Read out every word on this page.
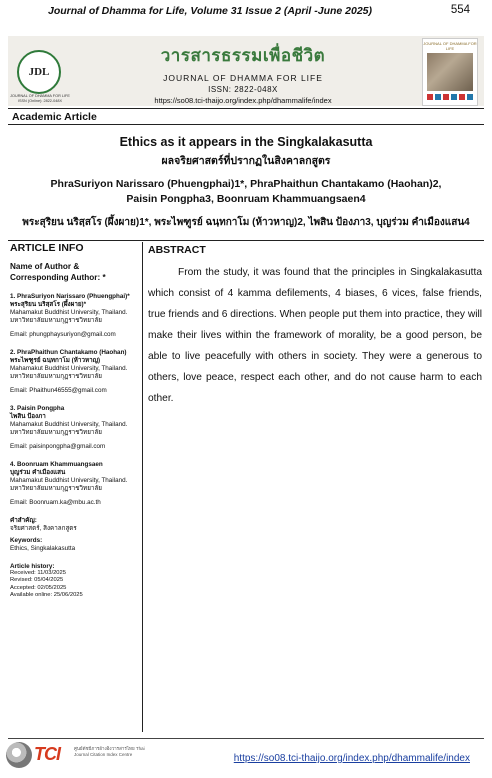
Journal of Dhamma for Life, Volume 31 Issue 2 (April -June 2025)	554
JDL
JOURNAL OF DHAMMA FOR LIFE ISSN (Online): 2822-048X
วารสารธรรมเพื่อชีวิต
JOURNAL OF DHAMMA FOR LIFE
ISSN: 2822-048X
https://so08.tci-thaijo.org/index.php/dhammalife/index
JOURNAL OF DHAMMA FOR LIFE
Academic Article
Ethics as it appears in the Singkalakasutta
ผลจริยศาสตร์ที่ปรากฏในสิงคาลกสูตร
PhraSuriyon Narissaro (Phuengphai)1*, PhraPhaithun Chantakamo (Haohan)2, Paisin Pongpha3, Boonruam Khammuangsaen4
พระสุริยน นริสฺสโร (ผึ้งผาย)1*, พระไพฑูรย์ ฉนฺทกาโม (ห้าวหาญ)2, ไพสิน ป้องภา3, บุญร่วม คำเมืองแสน4
ARTICLE INFO
Name of Author & Corresponding Author: *
1. PhraSuriyon Narissaro (Phuengphai)*
พระสุริยน นริสฺสโร (ผึ้งผาย)*
Mahamakut Buddhist University, Thailand.
มหาวิทยาลัยมหามกุฏราชวิทยาลัย
Email: phungphaysuriyon@gmail.com
2. PhraPhaithun Chantakamo (Haohan)
พระไพฑูรย์ ฉนฺทกาโม (ห้าวหาญ)
Mahamakut Buddhist University, Thailand.
มหาวิทยาลัยมหามกุฏราชวิทยาลัย
Email: Phaithun46555@gmail.com
3. Paisin Pongpha
ไพสิน ป้องภา
Mahamakut Buddhist University, Thailand.
มหาวิทยาลัยมหามกุฏราชวิทยาลัย
Email: paisinpongpha@gmail.com
4. Boonruam Khammuangsaen
บุญร่วม คำเมืองแสน
Mahamakut Buddhist University, Thailand.
มหาวิทยาลัยมหามกุฏราชวิทยาลัย
Email: Boonruam.ka@mbu.ac.th
คำสำคัญ:
จริยศาสตร์, สิงคาลกสูตร
Keywords:
Ethics, Singkalakasutta
Article history:
Received: 11/03/2025
Revised: 05/04/2025
Accepted: 02/05/2025
Available online: 25/06/2025
ABSTRACT
From the study, it was found that the principles in Singkalakasutta which consist of 4 kamma defilements, 4 biases, 6 vices, false friends, true friends and 6 directions. When people put them into practice, they will make their lives within the framework of morality, be a good person, be able to live peacefully with others in society. They were a generous to others, love peace, respect each other, and do not cause harm to each other.
TCI	ศูนย์ดัชนีการอ้างอิงวารสารไทย Thai Journal Citation Index Centre	https://so08.tci-thaijo.org/index.php/dhammalife/index
